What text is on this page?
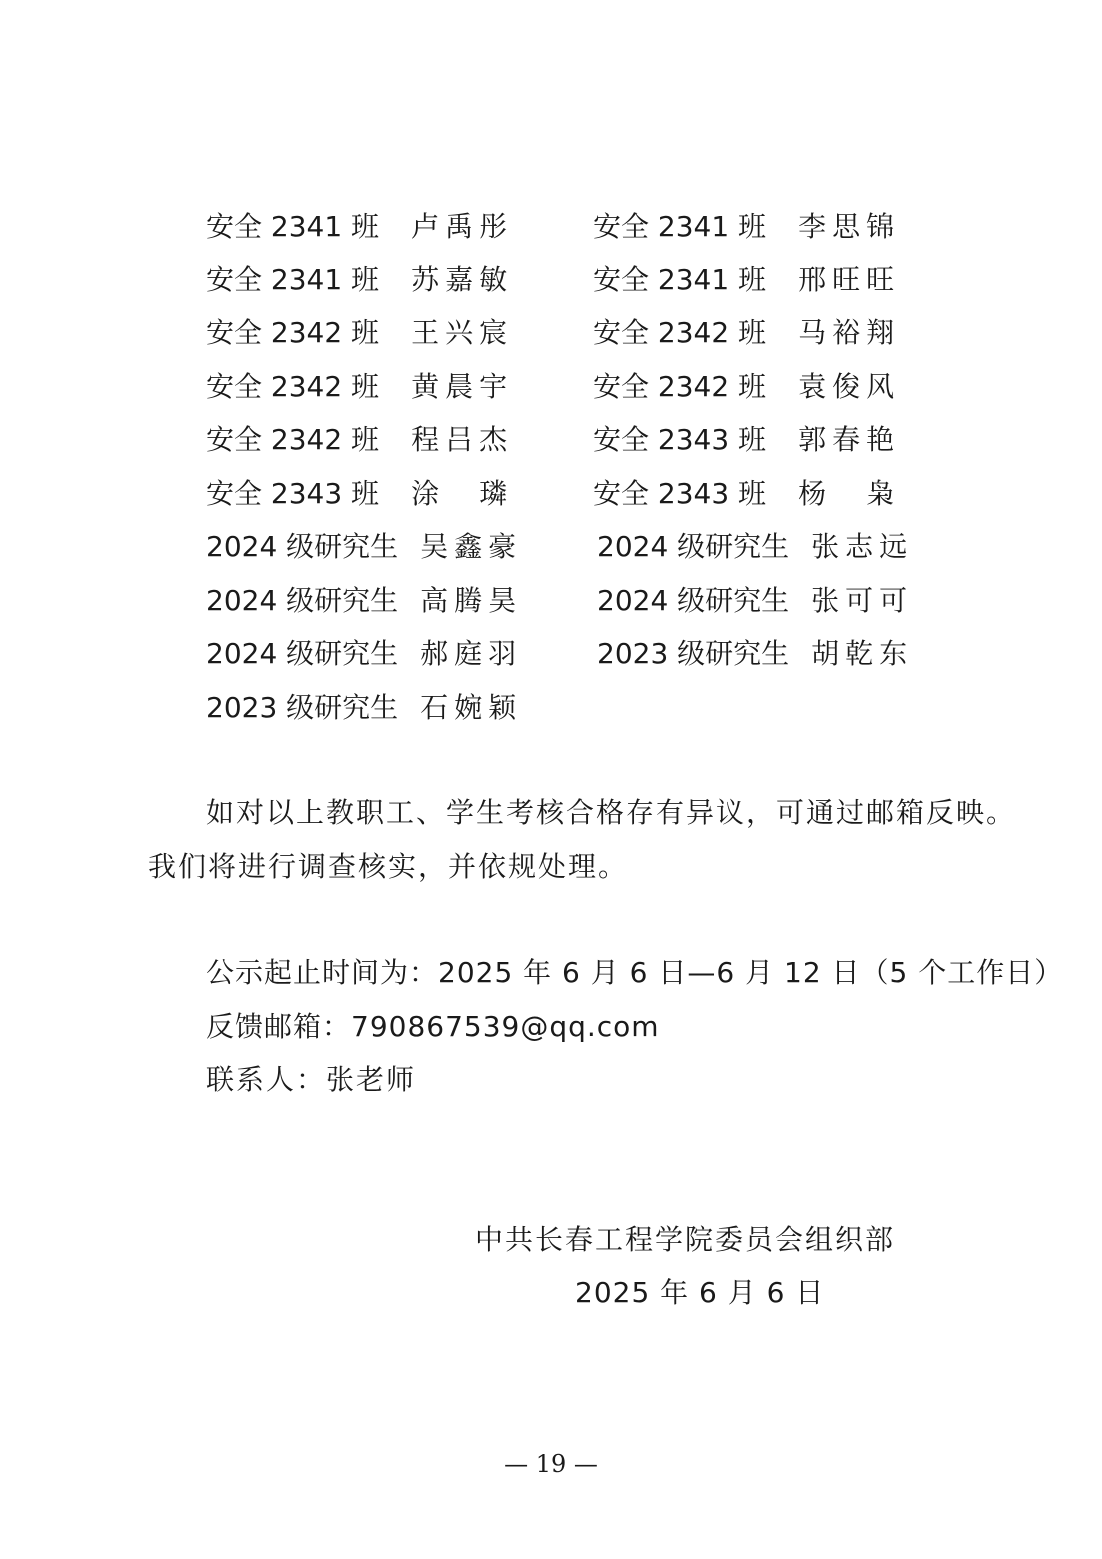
安全 2341 班 卢禹彤
安全 2341 班 苏嘉敏
安全 2342 班 王兴宸
安全 2342 班 黄晨宇
安全 2342 班 程吕杰
安全 2343 班 涂　璘
2024 级研究生 吴鑫豪
2024 级研究生 高腾昊
2024 级研究生 郝庭羽
2023 级研究生 石婉颖
安全 2341 班 李思锦
安全 2341 班 邢旺旺
安全 2342 班 马裕翔
安全 2342 班 袁俊风
安全 2343 班 郭春艳
安全 2343 班 杨　枭
2024 级研究生 张志远
2024 级研究生 张可可
2023 级研究生 胡乾东
如对以上教职工、学生考核合格存有异议，可通过邮箱反映。
我们将进行调查核实，并依规处理。
公示起止时间为：2025 年 6 月 6 日—6 月 12 日（5 个工作日）
反馈邮箱：790867539@qq.com
联系人：张老师
中共长春工程学院委员会组织部
2025 年 6 月 6 日
— 19 —
